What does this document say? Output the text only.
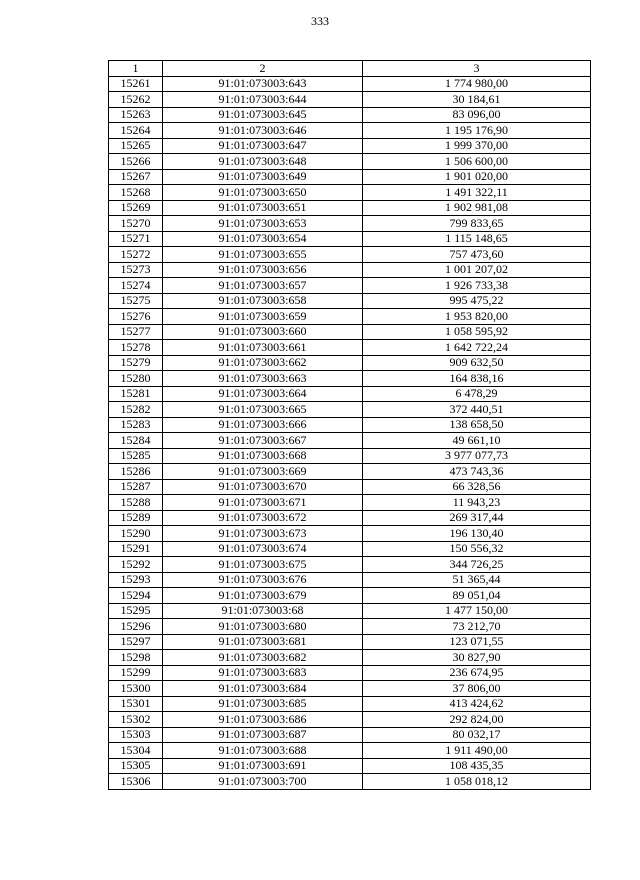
333
1	2	3
15261	91:01:073003:643	1 774 980,00
15262	91:01:073003:644	30 184,61
15263	91:01:073003:645	83 096,00
15264	91:01:073003:646	1 195 176,90
15265	91:01:073003:647	1 999 370,00
15266	91:01:073003:648	1 506 600,00
15267	91:01:073003:649	1 901 020,00
15268	91:01:073003:650	1 491 322,11
15269	91:01:073003:651	1 902 981,08
15270	91:01:073003:653	799 833,65
15271	91:01:073003:654	1 115 148,65
15272	91:01:073003:655	757 473,60
15273	91:01:073003:656	1 001 207,02
15274	91:01:073003:657	1 926 733,38
15275	91:01:073003:658	995 475,22
15276	91:01:073003:659	1 953 820,00
15277	91:01:073003:660	1 058 595,92
15278	91:01:073003:661	1 642 722,24
15279	91:01:073003:662	909 632,50
15280	91:01:073003:663	164 838,16
15281	91:01:073003:664	6 478,29
15282	91:01:073003:665	372 440,51
15283	91:01:073003:666	138 658,50
15284	91:01:073003:667	49 661,10
15285	91:01:073003:668	3 977 077,73
15286	91:01:073003:669	473 743,36
15287	91:01:073003:670	66 328,56
15288	91:01:073003:671	11 943,23
15289	91:01:073003:672	269 317,44
15290	91:01:073003:673	196 130,40
15291	91:01:073003:674	150 556,32
15292	91:01:073003:675	344 726,25
15293	91:01:073003:676	51 365,44
15294	91:01:073003:679	89 051,04
15295	91:01:073003:68	1 477 150,00
15296	91:01:073003:680	73 212,70
15297	91:01:073003:681	123 071,55
15298	91:01:073003:682	30 827,90
15299	91:01:073003:683	236 674,95
15300	91:01:073003:684	37 806,00
15301	91:01:073003:685	413 424,62
15302	91:01:073003:686	292 824,00
15303	91:01:073003:687	80 032,17
15304	91:01:073003:688	1 911 490,00
15305	91:01:073003:691	108 435,35
15306	91:01:073003:700	1 058 018,12
